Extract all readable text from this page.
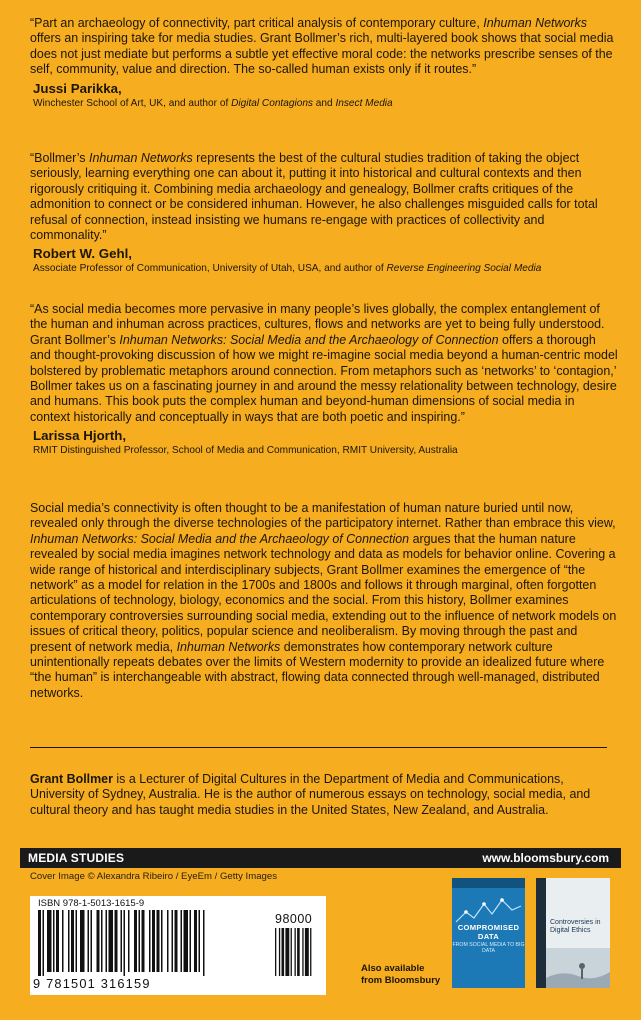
“Part an archaeology of connectivity, part critical analysis of contemporary culture, Inhuman Networks offers an inspiring take for media studies. Grant Bollmer’s rich, multi-layered book shows that social media does not just mediate but performs a subtle yet effective moral code: the networks prescribe senses of the self, community, value and direction. The so-called human exists only if it routes.”

Jussi Parikka,
Winchester School of Art, UK, and author of Digital Contagions and Insect Media

“Bollmer’s Inhuman Networks represents the best of the cultural studies tradition of taking the object seriously, learning everything one can about it, putting it into historical and cultural contexts and then rigorously critiquing it. Combining media archaeology and genealogy, Bollmer crafts critiques of the admonition to connect or be considered inhuman. However, he also challenges misguided calls for total refusal of connection, instead insisting we humans re-engage with practices of collectivity and commonality.”

Robert W. Gehl,
Associate Professor of Communication, University of Utah, USA, and author of Reverse Engineering Social Media

“As social media becomes more pervasive in many people’s lives globally, the complex entanglement of the human and inhuman across practices, cultures, flows and networks are yet to being fully understood. Grant Bollmer’s Inhuman Networks: Social Media and the Archaeology of Connection offers a thorough and thought-provoking discussion of how we might re-imagine social media beyond a human-centric model bolstered by problematic metaphors around connection. From metaphors such as ‘networks’ to ‘contagion,’ Bollmer takes us on a fascinating journey in and around the messy relationality between technology, desire and humans. This book puts the complex human and beyond-human dimensions of social media in context historically and conceptually in ways that are both poetic and inspiring.”

Larissa Hjorth,
RMIT Distinguished Professor, School of Media and Communication, RMIT University, Australia

Social media’s connectivity is often thought to be a manifestation of human nature buried until now, revealed only through the diverse technologies of the participatory internet. Rather than embrace this view, Inhuman Networks: Social Media and the Archaeology of Connection argues that the human nature revealed by social media imagines network technology and data as models for behavior online. Covering a wide range of historical and interdisciplinary subjects, Grant Bollmer examines the emergence of “the network” as a model for relation in the 1700s and 1800s and follows it through marginal, often forgotten articulations of technology, biology, economics and the social. From this history, Bollmer examines contemporary controversies surrounding social media, extending out to the influence of network models on issues of critical theory, politics, popular science and neoliberalism. By moving through the past and present of network media, Inhuman Networks demonstrates how contemporary network culture unintentionally repeats debates over the limits of Western modernity to provide an idealized future where “the human” is interchangeable with abstract, flowing data connected through well-managed, distributed networks.

Grant Bollmer is a Lecturer of Digital Cultures in the Department of Media and Communications, University of Sydney, Australia. He is the author of numerous essays on technology, social media, and cultural theory and has taught media studies in the United States, New Zealand, and Australia.

MEDIA STUDIES	www.bloomsbury.com
Cover Image © Alexandra Ribeiro / EyeEm / Getty Images
ISBN 978-1-5013-1615-9
98000
9 781501 316159
Also available
from Bloomsbury
COMPROMISED
DATA
FROM SOCIAL MEDIA TO BIG DATA
Controversies in Digital Ethics
